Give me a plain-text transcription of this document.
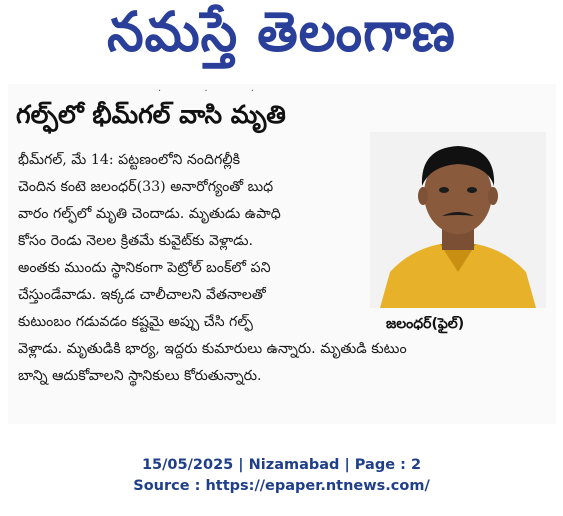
నమస్తే తెలంగాణ
· · ·
గల్ఫ్‌లో భీమ్‌గల్ వాసి మృతి
భీమ్‌గల్, మే 14: పట్టణంలోని నందిగల్లీకి
చెందిన కంటె జలంధర్(33) అనారోగ్యంతో బుధ
వారం గల్ఫ్‌లో మృతి చెందాడు. మృతుడు ఉపాధి
కోసం రెండు నెలల క్రితమే కువైట్‌కు వెళ్లాడు.
అంతకు ముందు స్థానికంగా పెట్రోల్ బంక్‌లో పని
చేస్తుండేవాడు. ఇక్కడ చాలీచాలని వేతనాలతో
కుటుంబం గడువడం కష్టమై అప్పు చేసి గల్ఫ్
వెళ్లాడు. మృతుడికి భార్య, ఇద్దరు కుమారులు ఉన్నారు. మృతుడి కుటుం
బాన్ని ఆదుకోవాలని స్థానికులు కోరుతున్నారు.
జలంధర్(ఫైల్)
15/05/2025 | Nizamabad | Page : 2
Source : https://epaper.ntnews.com/
